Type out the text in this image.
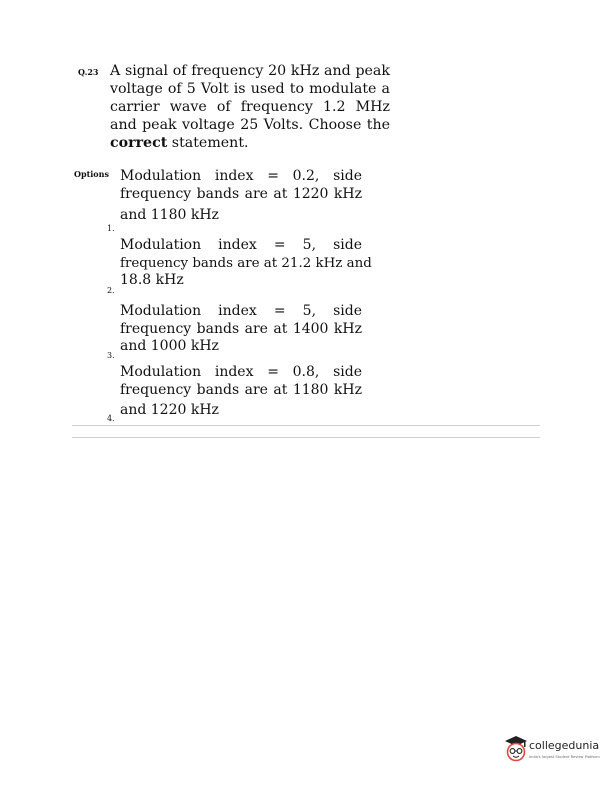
Q.23 A signal of frequency 20 kHz and peak voltage of 5 Volt is used to modulate a carrier wave of frequency 1.2 MHz and peak voltage 25 Volts. Choose the correct statement.
Options Modulation index = 0.2, side
frequency bands are at 1220 kHz
and 1180 kHz
1.
Modulation index = 5, side
frequency bands are at 21.2 kHz and
18.8 kHz
2.
Modulation index = 5, side
frequency bands are at 1400 kHz
and 1000 kHz
3.
Modulation index = 0.8, side
frequency bands are at 1180 kHz
and 1220 kHz
4.
collegedunia
India's largest Student Review Platform
